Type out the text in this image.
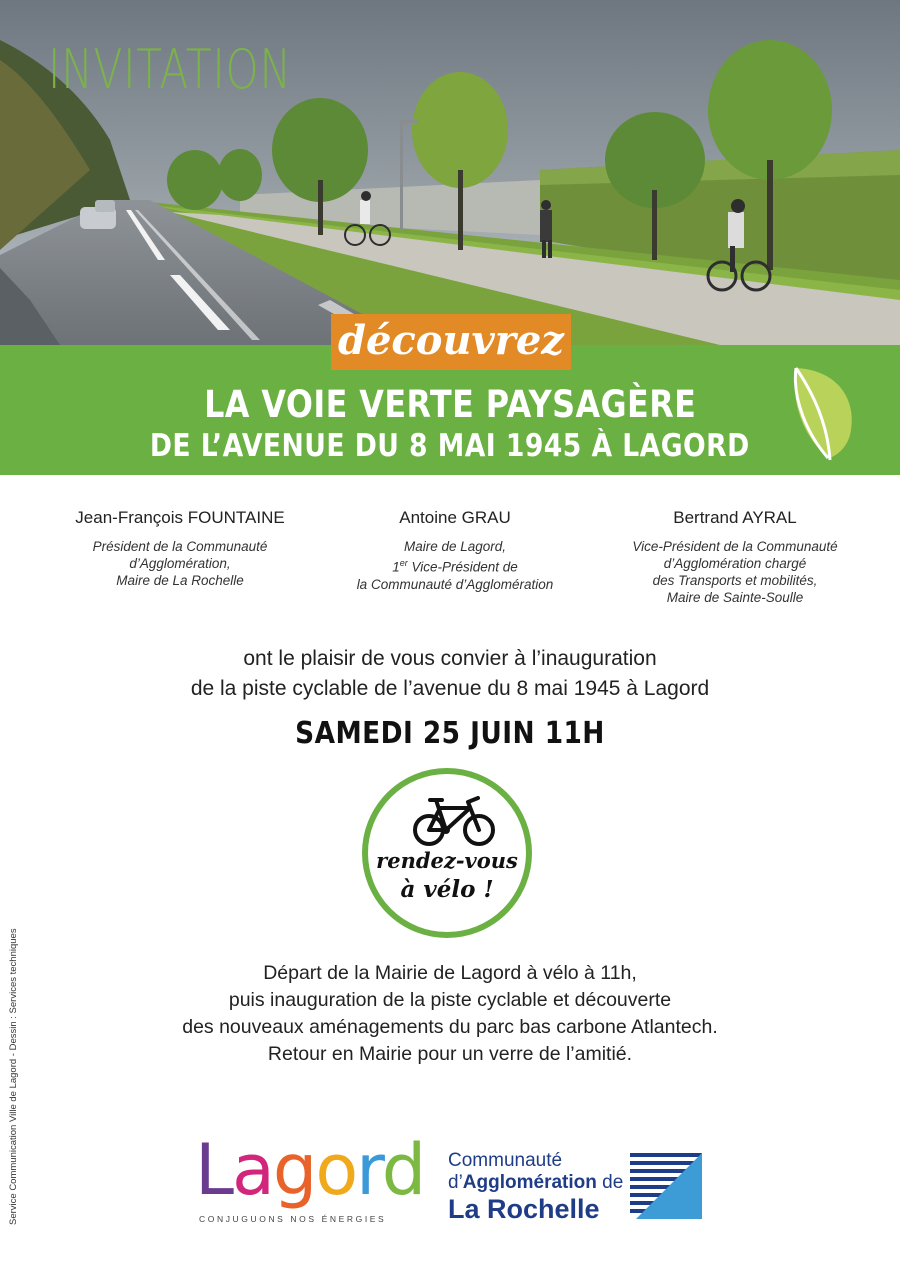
INVITATION
découvrez
LA VOIE VERTE PAYSAGÈRE
DE L’AVENUE DU 8 MAI 1945 À LAGORD
Jean-François FOUNTAINE
Président de la Communauté
d’Agglomération,
Maire de La Rochelle
Antoine GRAU
Maire de Lagord,
1er Vice-Président de
la Communauté d’Agglomération
Bertrand AYRAL
Vice-Président de la Communauté
d’Agglomération chargé
des Transports et mobilités,
Maire de Sainte-Soulle
ont le plaisir de vous convier à l’inauguration
de la piste cyclable de l’avenue du 8 mai 1945 à Lagord
SAMEDI 25 JUIN 11H
rendez-vous
à vélo !
Départ de la Mairie de Lagord à vélo à 11h,
puis inauguration de la piste cyclable et découverte
des nouveaux aménagements du parc bas carbone Atlantech.
Retour en Mairie pour un verre de l’amitié.
Service Communication Ville de Lagord - Dessin : Services techniques	Lagord
CONJUGUONS NOS ÉNERGIES
Communauté
d’Agglomération de
La Rochelle
